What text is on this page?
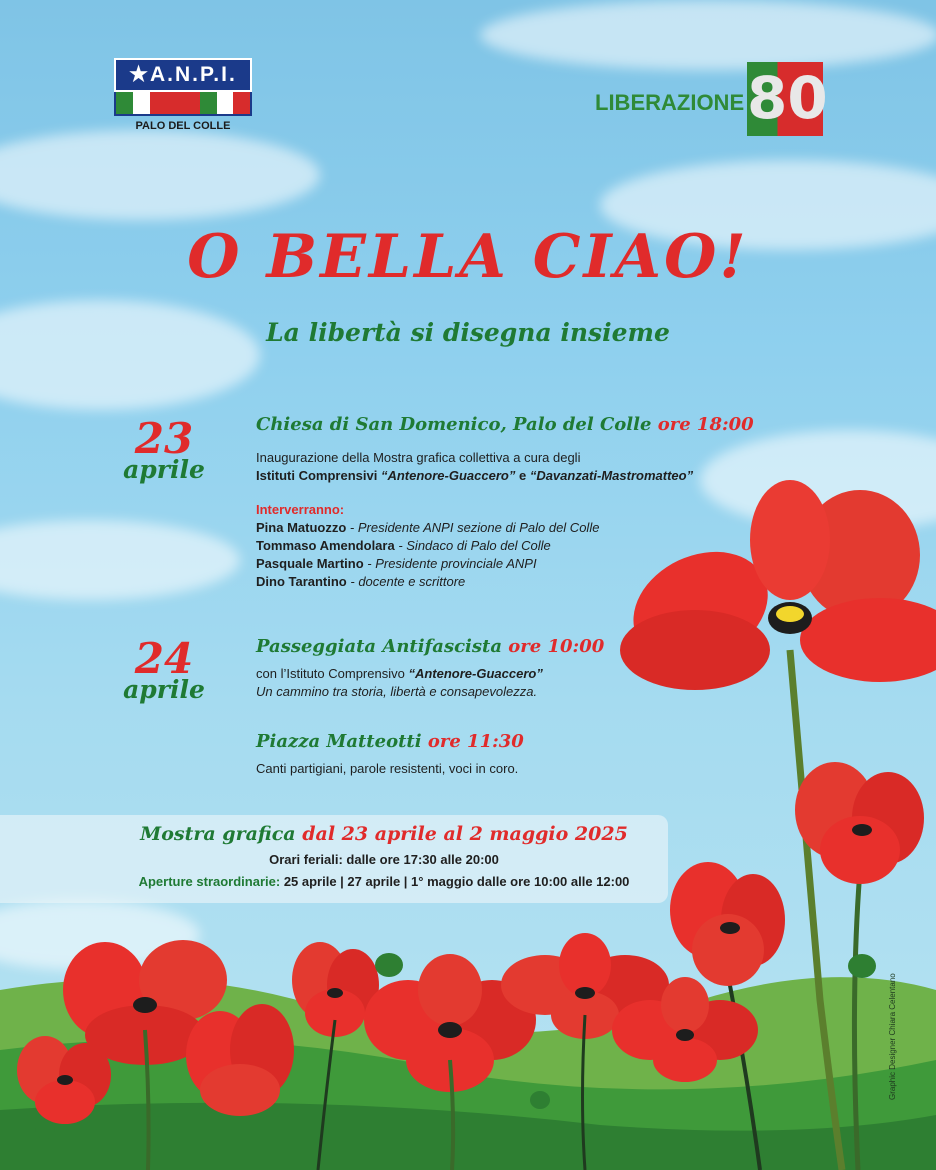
★A.N.P.I.
PALO DEL COLLE
LIBERAZIONE 80
O BELLA CIAO!
La libertà si disegna insieme
23
aprile
Chiesa di San Domenico, Palo del Colle ore 18:00
Inaugurazione della Mostra grafica collettiva a cura degli
Istituti Comprensivi “Antenore-Guaccero” e “Davanzati-Mastromatteo”
Interverranno:
Pina Matuozzo - Presidente ANPI sezione di Palo del Colle
Tommaso Amendolara - Sindaco di Palo del Colle
Pasquale Martino - Presidente provinciale ANPI
Dino Tarantino - docente e scrittore
24
aprile
Passeggiata Antifascista ore 10:00
con l’Istituto Comprensivo “Antenore-Guaccero”
Un cammino tra storia, libertà e consapevolezza.
Piazza Matteotti ore 11:30
Canti partigiani, parole resistenti, voci in coro.
Mostra grafica dal 23 aprile al 2 maggio 2025
Orari feriali: dalle ore 17:30 alle 20:00
Aperture straordinarie: 25 aprile | 27 aprile | 1° maggio dalle ore 10:00 alle 12:00
Graphic Designer Chiara Celentano
